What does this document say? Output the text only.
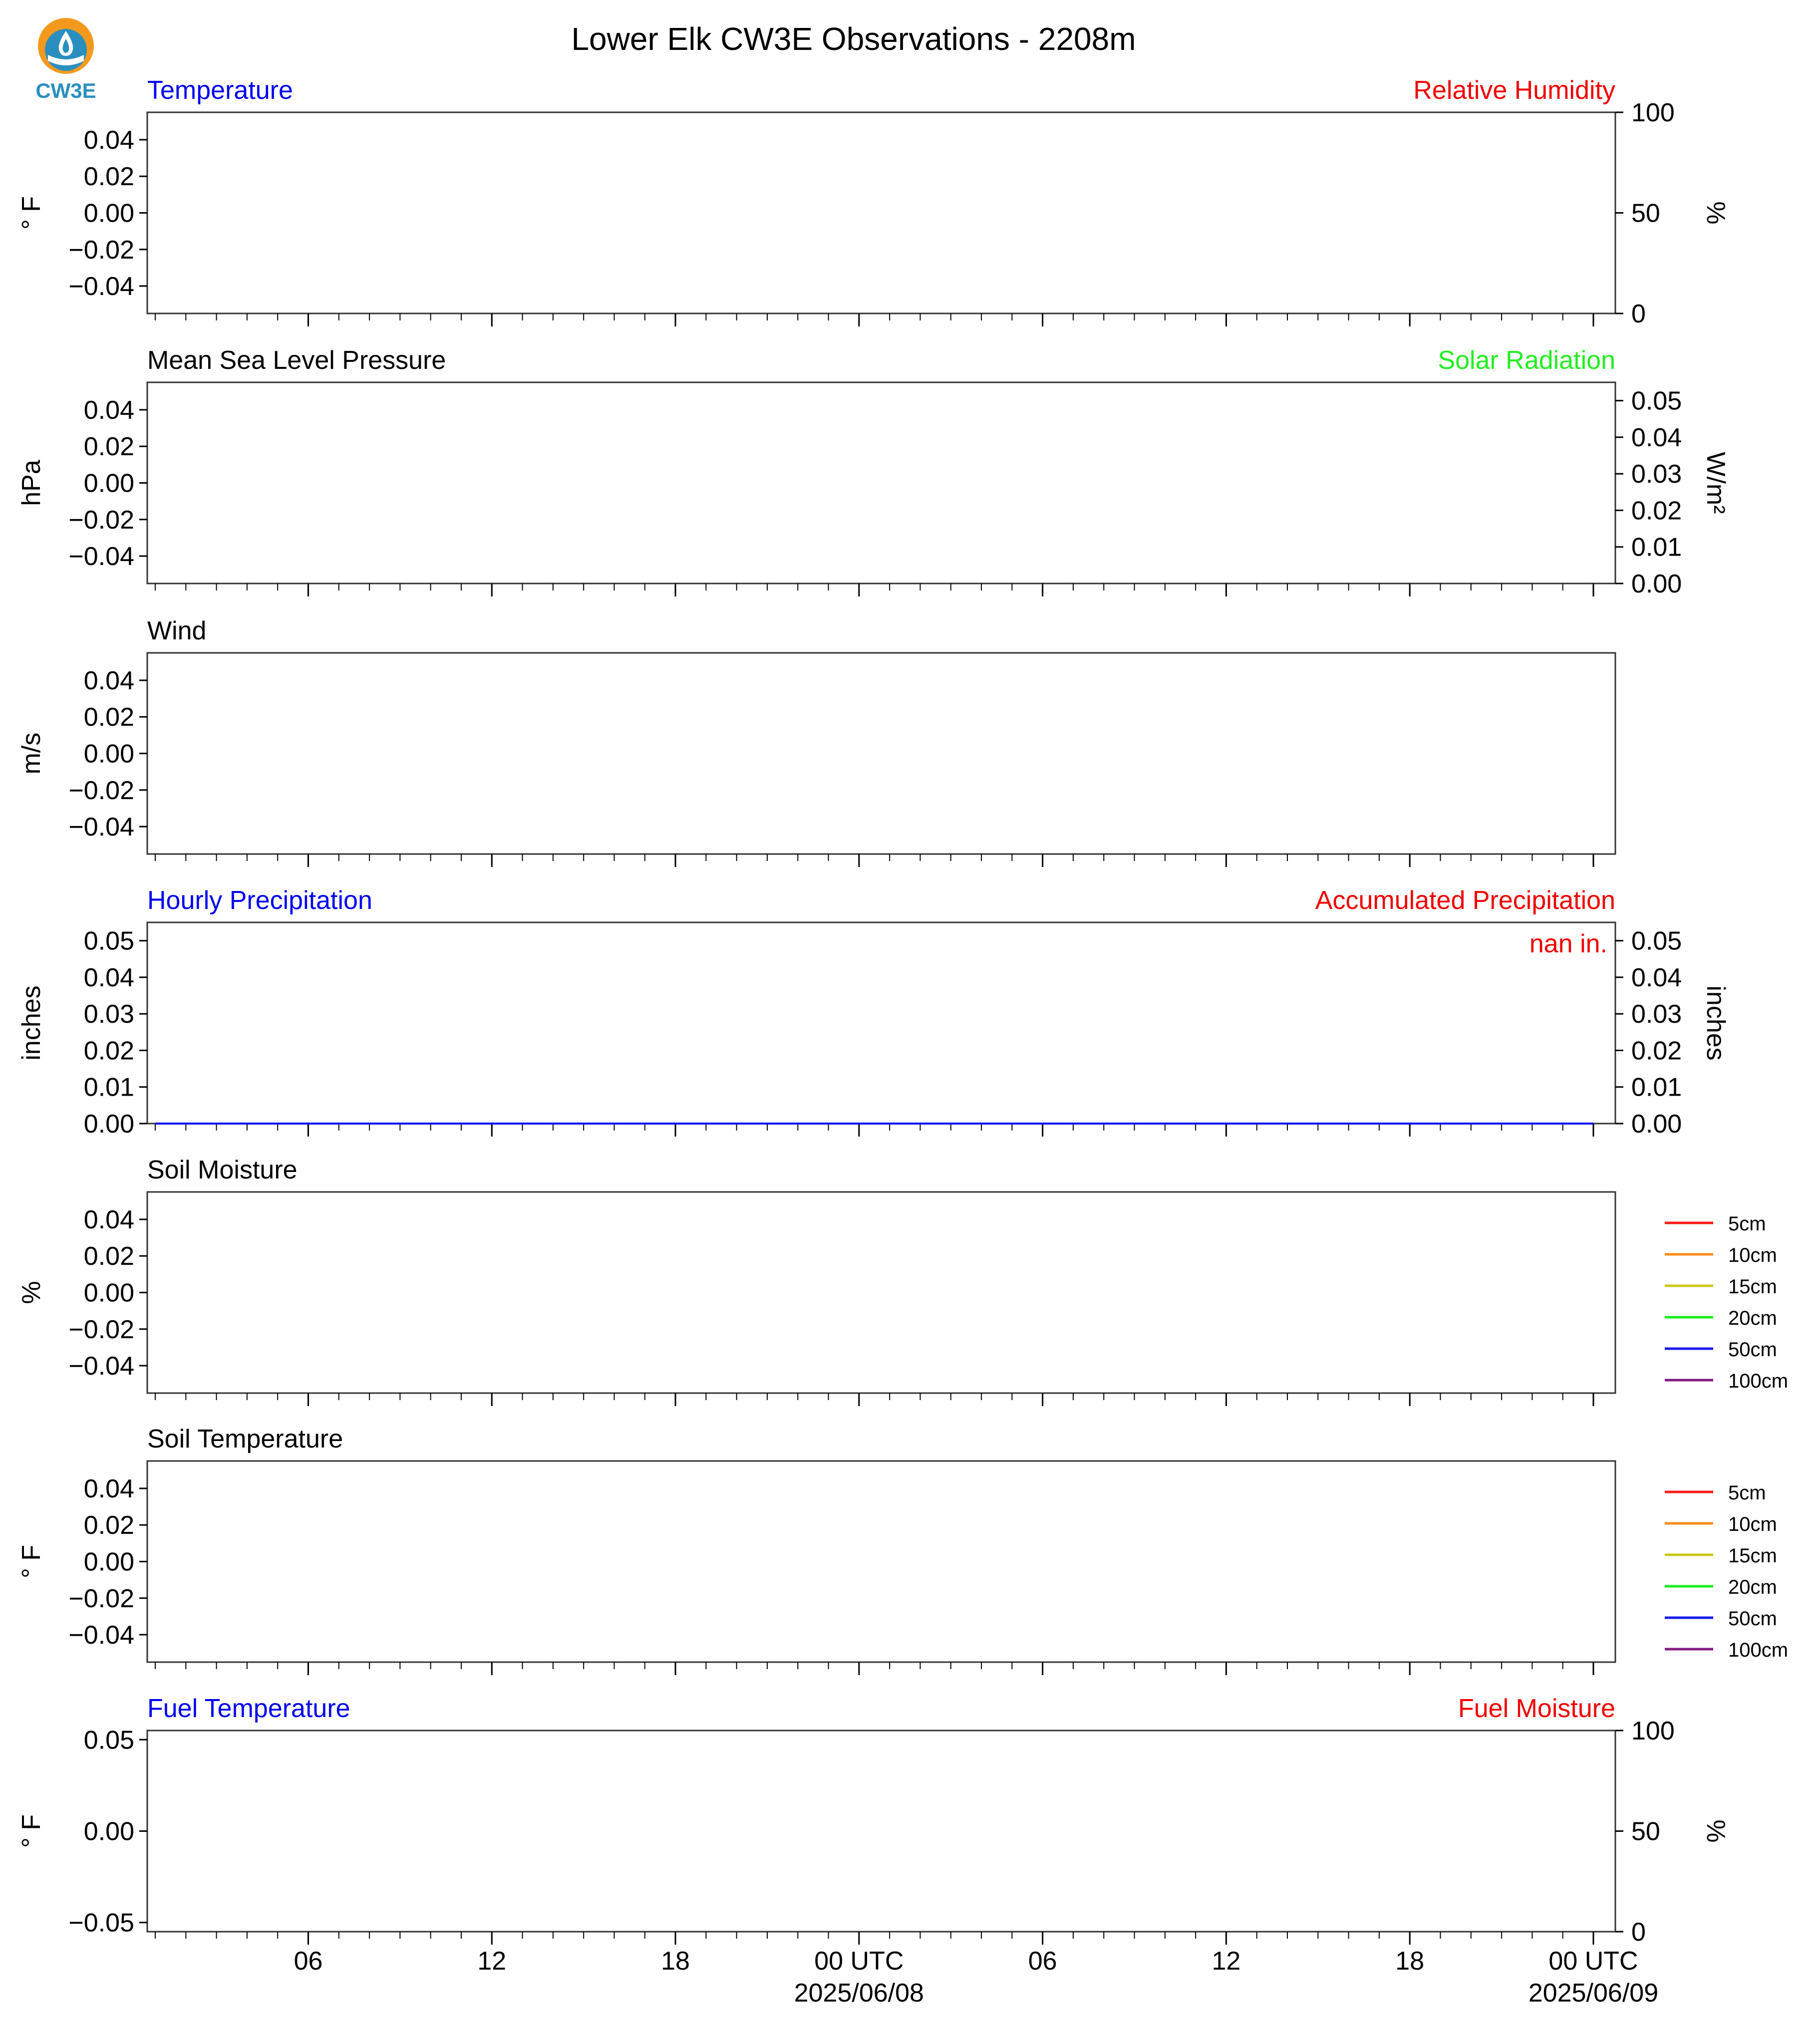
CW3E
Lower Elk CW3E Observations - 2208m
Temperature	Relative Humidity
0.04
0.02
0.00
−0.02
−0.04
° F
100
50
0
%
Mean Sea Level Pressure	Solar Radiation
0.04
0.02
0.00
−0.02
−0.04
hPa
0.05
0.04
0.03
0.02
0.01
0.00
W/m²
Wind
0.04
0.02
0.00
−0.02
−0.04
m/s
Hourly Precipitation	Accumulated Precipitation
0.05
0.04
0.03
0.02
0.01
0.00
inches
0.05
0.04
0.03
0.02
0.01
0.00
inches
nan in.
Soil Moisture
0.04
0.02
0.00
−0.02
−0.04
%
5cm
10cm
15cm
20cm
50cm
100cm
Soil Temperature
0.04
0.02
0.00
−0.02
−0.04
° F
5cm
10cm
15cm
20cm
50cm
100cm
Fuel Temperature	Fuel Moisture
0.05
0.00
−0.05
° F
100
50
0
%
06	12	18	00 UTC	06	12	18	00 UTC
2025/06/08	2025/06/09
